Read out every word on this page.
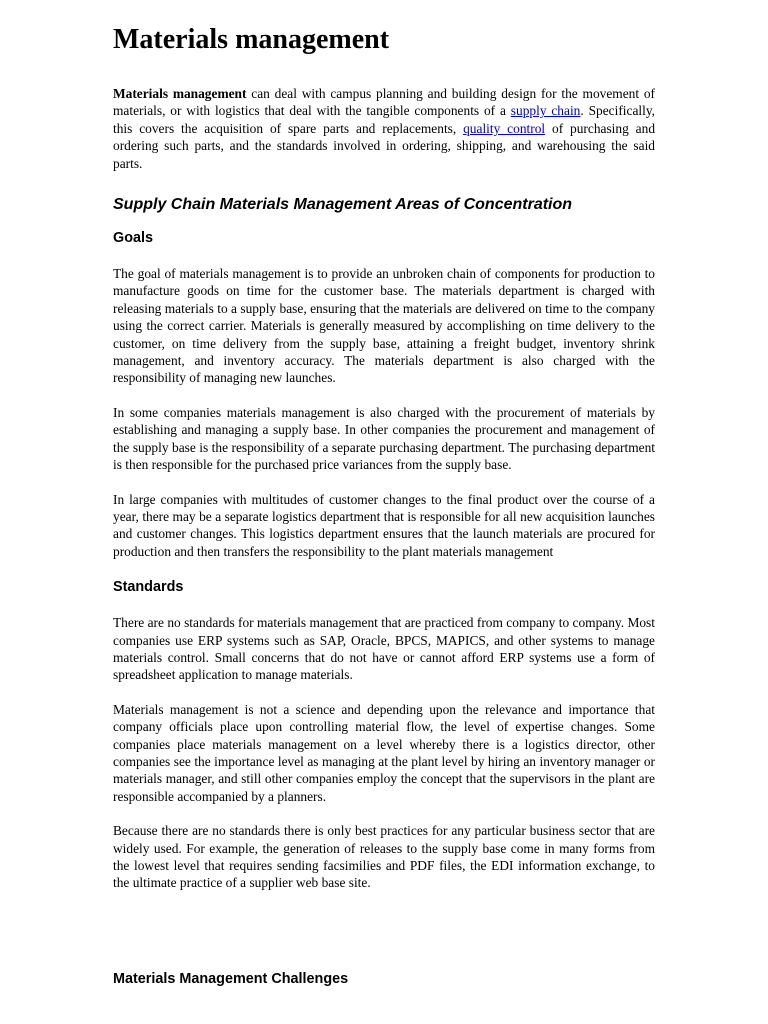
Materials management

Materials management can deal with campus planning and building design for the movement of materials, or with logistics that deal with the tangible components of a supply chain. Specifically, this covers the acquisition of spare parts and replacements, quality control of purchasing and ordering such parts, and the standards involved in ordering, shipping, and warehousing the said parts.

Supply Chain Materials Management Areas of Concentration
Goals

The goal of materials management is to provide an unbroken chain of components for production to manufacture goods on time for the customer base. The materials department is charged with releasing materials to a supply base, ensuring that the materials are delivered on time to the company using the correct carrier. Materials is generally measured by accomplishing on time delivery to the customer, on time delivery from the supply base, attaining a freight budget, inventory shrink management, and inventory accuracy. The materials department is also charged with the responsibility of managing new launches.

In some companies materials management is also charged with the procurement of materials by establishing and managing a supply base. In other companies the procurement and management of the supply base is the responsibility of a separate purchasing department. The purchasing department is then responsible for the purchased price variances from the supply base.

In large companies with multitudes of customer changes to the final product over the course of a year, there may be a separate logistics department that is responsible for all new acquisition launches and customer changes. This logistics department ensures that the launch materials are procured for production and then transfers the responsibility to the plant materials management

Standards

There are no standards for materials management that are practiced from company to company. Most companies use ERP systems such as SAP, Oracle, BPCS, MAPICS, and other systems to manage materials control. Small concerns that do not have or cannot afford ERP systems use a form of spreadsheet application to manage materials.

Materials management is not a science and depending upon the relevance and importance that company officials place upon controlling material flow, the level of expertise changes. Some companies place materials management on a level whereby there is a logistics director, other companies see the importance level as managing at the plant level by hiring an inventory manager or materials manager, and still other companies employ the concept that the supervisors in the plant are responsible accompanied by a planners.

Because there are no standards there is only best practices for any particular business sector that are widely used. For example, the generation of releases to the supply base come in many forms from the lowest level that requires sending facsimilies and PDF files, the EDI information exchange, to the ultimate practice of a supplier web base site.

Materials Management Challenges
